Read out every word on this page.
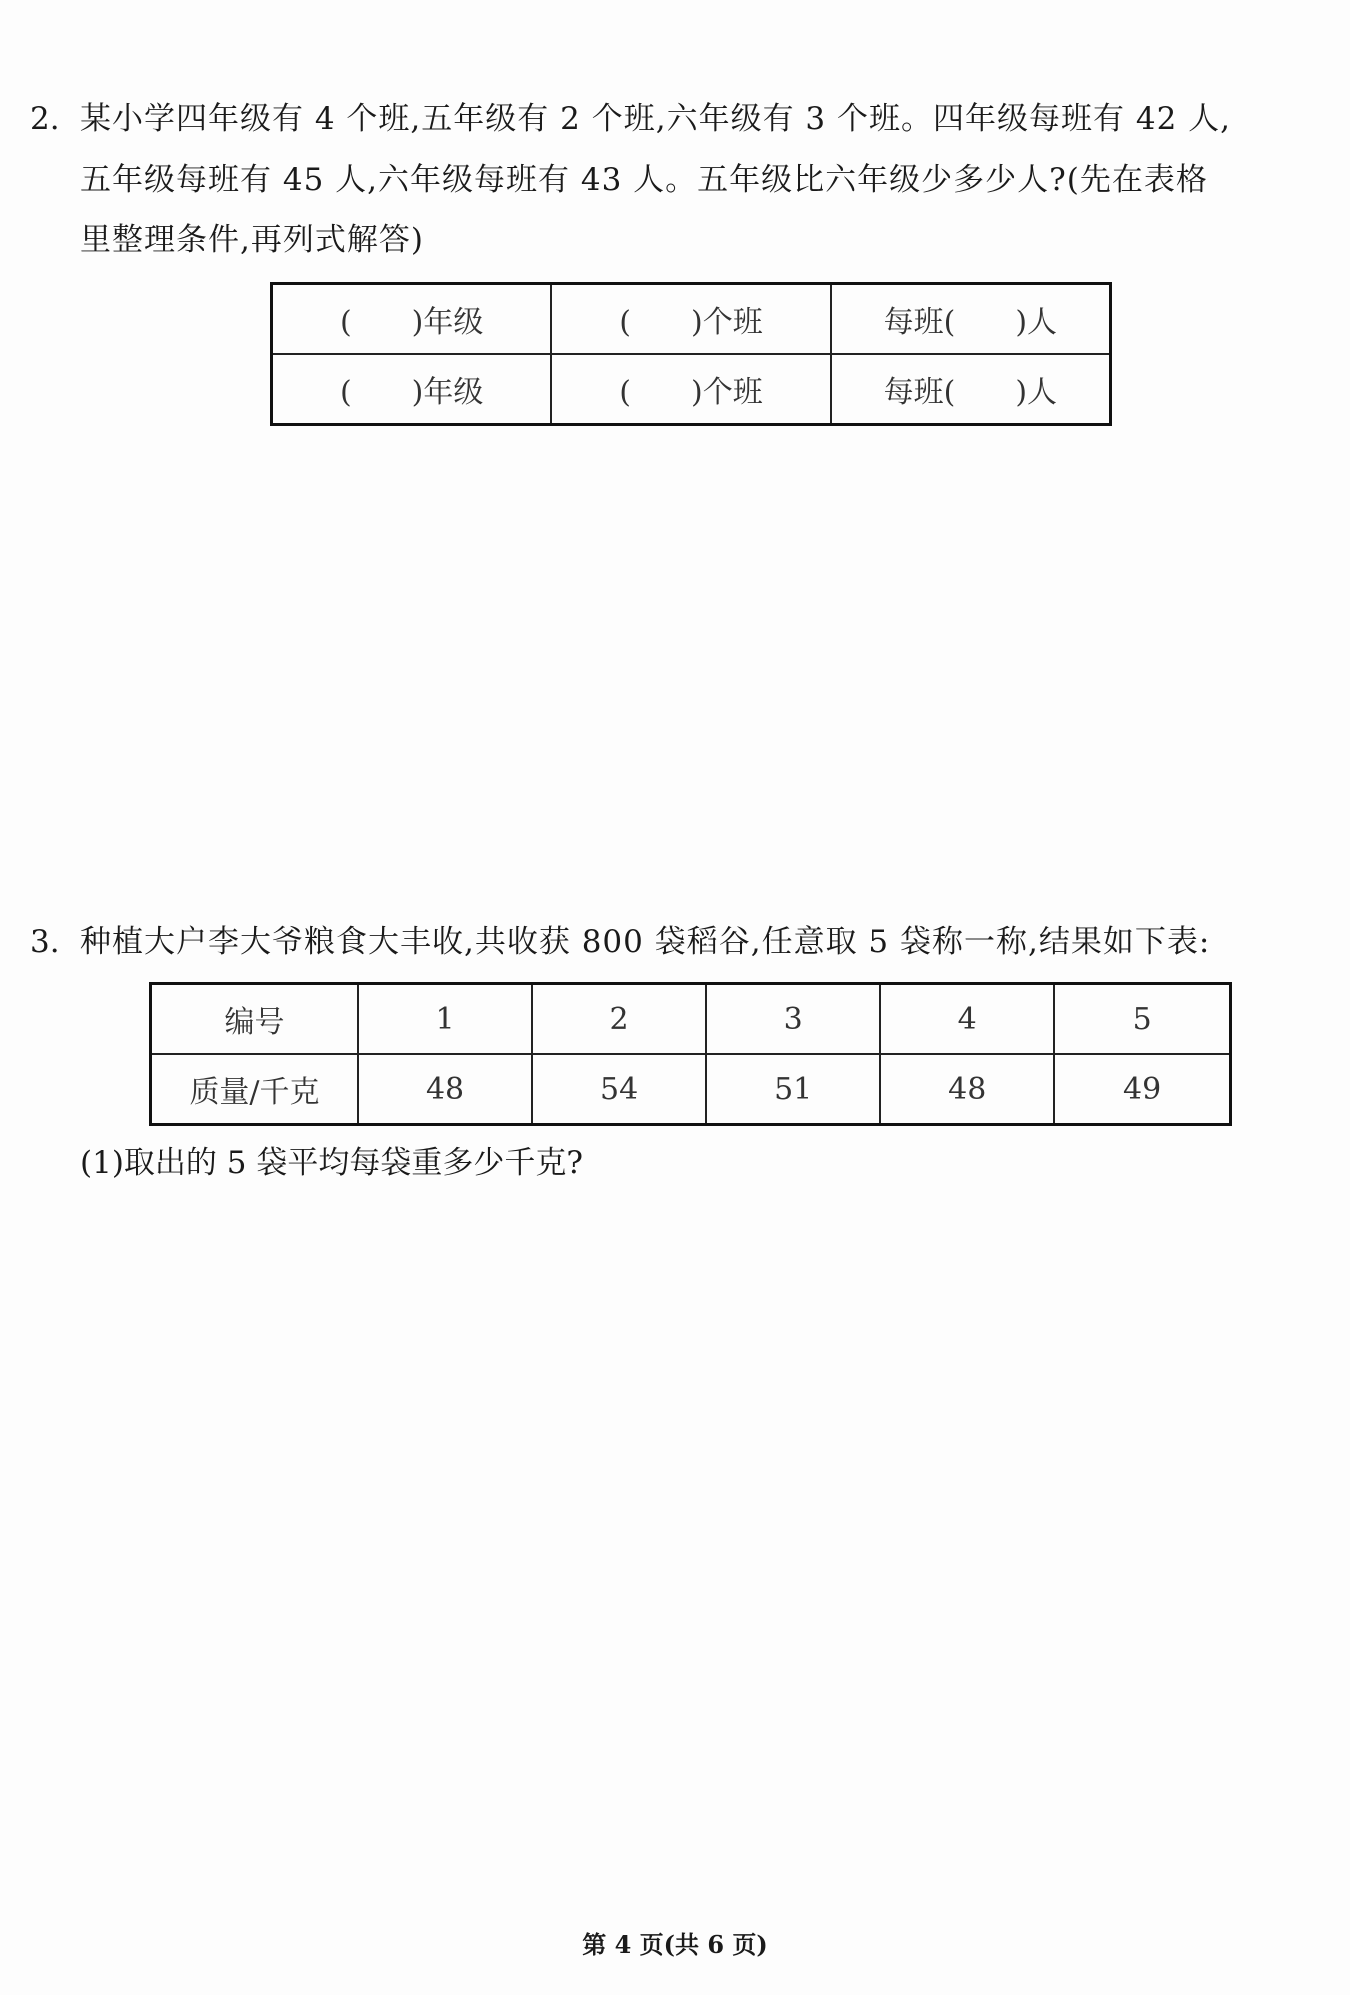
2. 某小学四年级有 4 个班,五年级有 2 个班,六年级有 3 个班。四年级每班有 42 人,
五年级每班有 45 人,六年级每班有 43 人。五年级比六年级少多少人?(先在表格
里整理条件,再列式解答)
(　　)年级	(　　)个班	每班(　　)人
(　　)年级	(　　)个班	每班(　　)人
3. 种植大户李大爷粮食大丰收,共收获 800 袋稻谷,任意取 5 袋称一称,结果如下表:
编号	1	2	3	4	5
质量/千克	48	54	51	48	49
(1)取出的 5 袋平均每袋重多少千克?
第 4 页(共 6 页)
